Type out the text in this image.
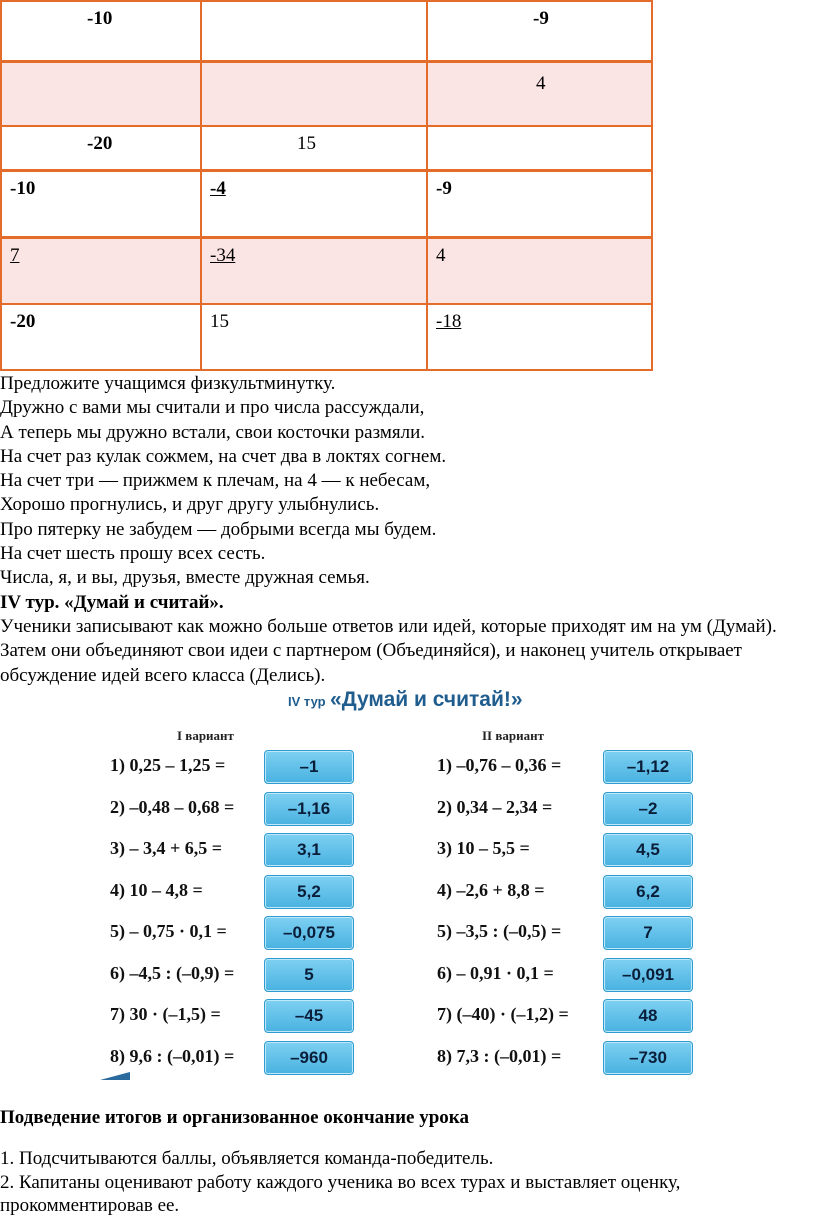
-10		-9
		4
-20	15	
-10	-4	-9
7	-34	4
-20	15	-18

Предложите учащимся физкультминутку.

Дружно с вами мы считали и про числа рассуждали,

А теперь мы дружно встали, свои косточки размяли.

На счет раз кулак сожмем, на счет два в локтях согнем.

На счет три — прижмем к плечам, на 4 — к небесам,

Хорошо прогнулись, и друг другу улыбнулись.

Про пятерку не забудем — добрыми всегда мы будем.

На счет шесть прошу всех сесть.

Числа, я, и вы, друзья, вместе дружная семья.

IV тур. «Думай и считай».

Ученики записывают как можно больше ответов или идей, которые приходят им на ум (Думай). Затем они объединяют свои идеи с партнером (Объединяйся), и наконец учитель открывает обсуждение идей всего класса (Делись).

IV тур «Думай и считай!»
I вариант	II вариант
1) 0,25 – 1,25 =	–1
2) –0,48 – 0,68 =	–1,16
3) – 3,4 + 6,5 =	3,1
4) 10 – 4,8 =	5,2
5) – 0,75 · 0,1 =	–0,075
6) –4,5 : (–0,9) =	5
7) 30 · (–1,5) =	–45
8) 9,6 : (–0,01) =	–960
1) –0,76 – 0,36 =	–1,12
2) 0,34 – 2,34 =	–2
3) 10 – 5,5 =	4,5
4) –2,6 + 8,8 =	6,2
5) –3,5 : (–0,5) =	7
6) – 0,91 · 0,1 =	–0,091
7) (–40) · (–1,2) =	48
8) 7,3 : (–0,01) =	–730

Подведение итогов и организованное окончание урока

1. Подсчитываются баллы, объявляется команда-победитель.

2. Капитаны оценивают работу каждого ученика во всех турах и выставляет оценку, прокомментировав ее.
